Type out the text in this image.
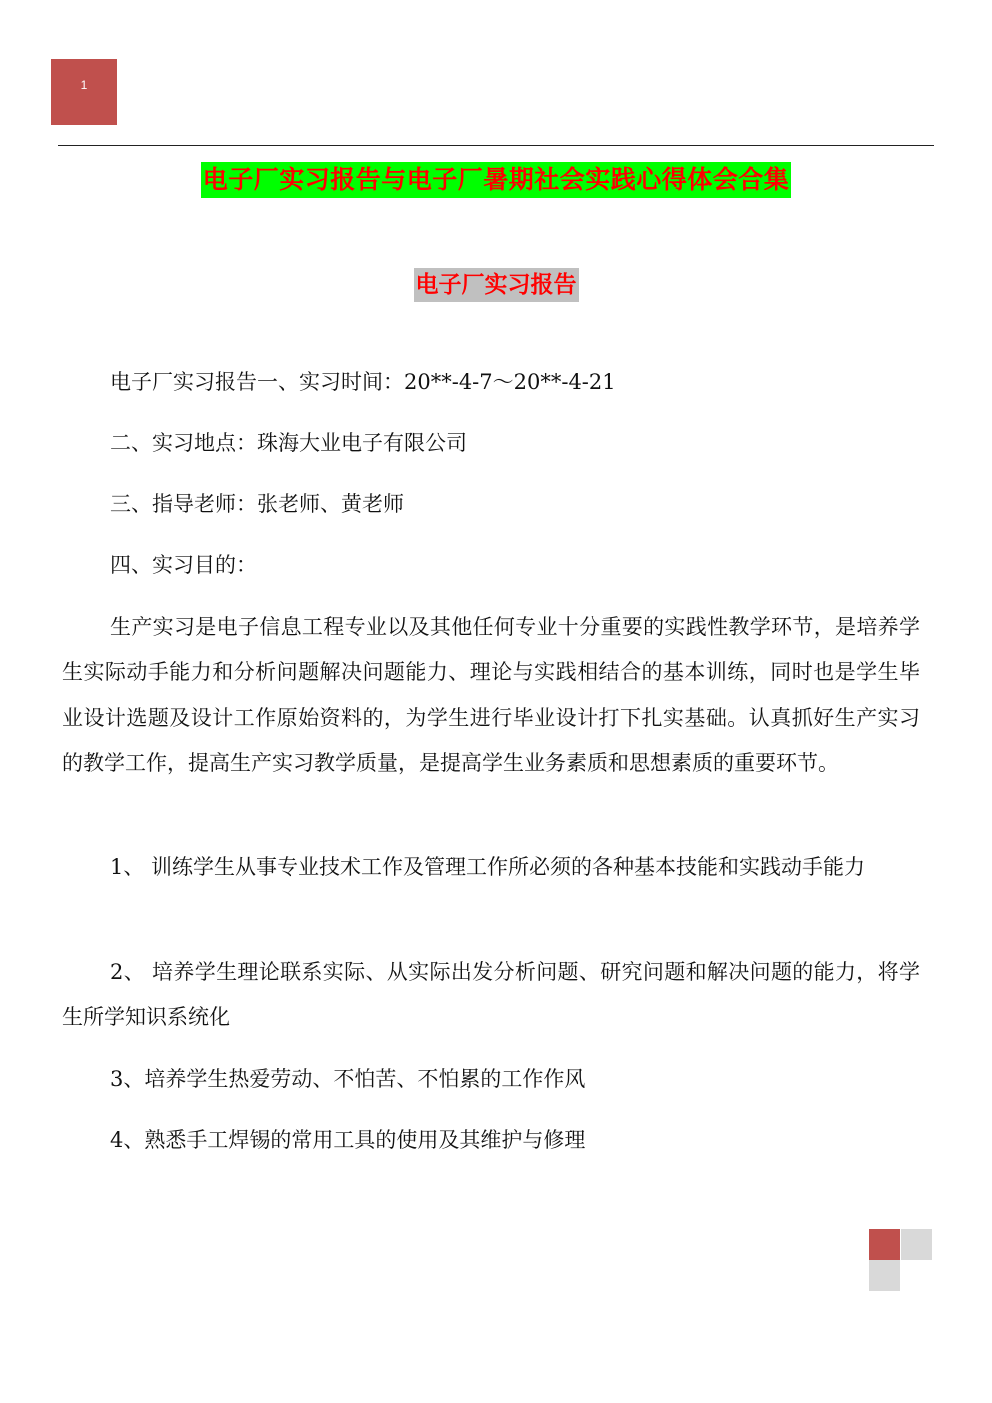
1
电子厂实习报告与电子厂暑期社会实践心得体会合集
电子厂实习报告
电子厂实习报告一、实习时间：20**-4-7～20**-4-21
二、实习地点：珠海大业电子有限公司
三、指导老师：张老师、黄老师
四、实习目的：

生产实习是电子信息工程专业以及其他任何专业十分重要的实践性教学环节，是培养学生实际动手能力和分析问题解决问题能力、理论与实践相结合的基本训练，同时也是学生毕业设计选题及设计工作原始资料的，为学生进行毕业设计打下扎实基础。认真抓好生产实习的教学工作，提高生产实习教学质量，是提高学生业务素质和思想素质的重要环节。

1、 训练学生从事专业技术工作及管理工作所必须的各种基本技能和实践动手能力

2、 培养学生理论联系实际、从实际出发分析问题、研究问题和解决问题的能力，将学生所学知识系统化

3、培养学生热爱劳动、不怕苦、不怕累的工作作风

4、熟悉手工焊锡的常用工具的使用及其维护与修理
